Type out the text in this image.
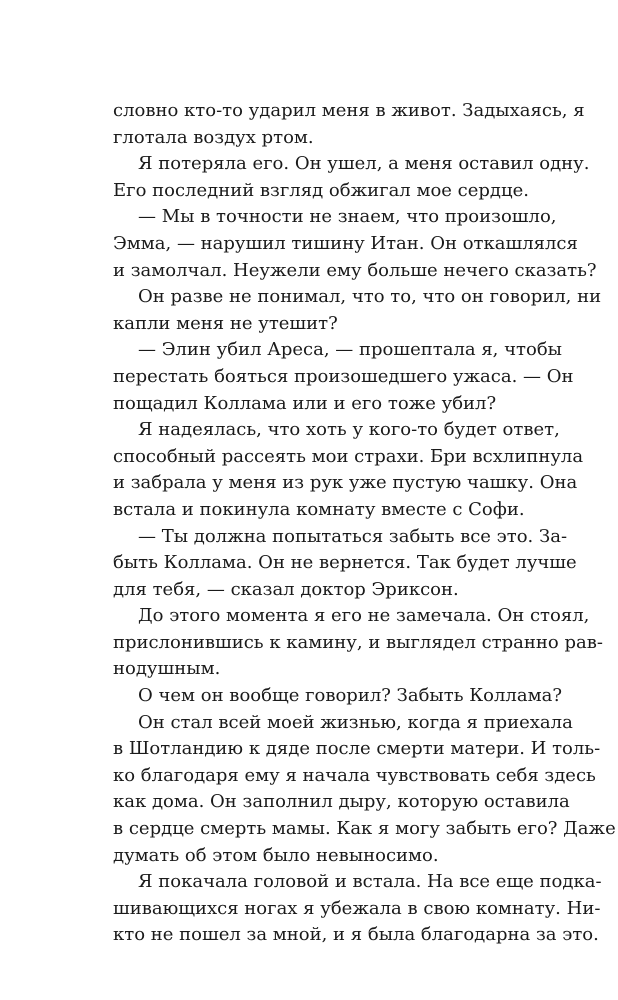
словно кто-то ударил меня в живот. Задыхаясь, я
глотала воздух ртом.
Я потеряла его. Он ушел, а меня оставил одну.
Его последний взгляд обжигал мое сердце.
— Мы в точности не знаем, что произошло,
Эмма, — нарушил тишину Итан. Он откашлялся
и замолчал. Неужели ему больше нечего сказать?
Он разве не понимал, что то, что он говорил, ни
капли меня не утешит?
— Элин убил Ареса, — прошептала я, чтобы
перестать бояться произошедшего ужаса. — Он
пощадил Коллама или и его тоже убил?
Я надеялась, что хоть у кого-то будет ответ,
способный рассеять мои страхи. Бри всхлипнула
и забрала у меня из рук уже пустую чашку. Она
встала и покинула комнату вместе с Софи.
— Ты должна попытаться забыть все это. За-
быть Коллама. Он не вернется. Так будет лучше
для тебя, — сказал доктор Эриксон.
До этого момента я его не замечала. Он стоял,
прислонившись к камину, и выглядел странно рав-
нодушным.
О чем он вообще говорил? Забыть Коллама?
Он стал всей моей жизнью, когда я приехала
в Шотландию к дяде после смерти матери. И толь-
ко благодаря ему я начала чувствовать себя здесь
как дома. Он заполнил дыру, которую оставила
в сердце смерть мамы. Как я могу забыть его? Даже
думать об этом было невыносимо.
Я покачала головой и встала. На все еще подка-
шивающихся ногах я убежала в свою комнату. Ни-
кто не пошел за мной, и я была благодарна за это.
